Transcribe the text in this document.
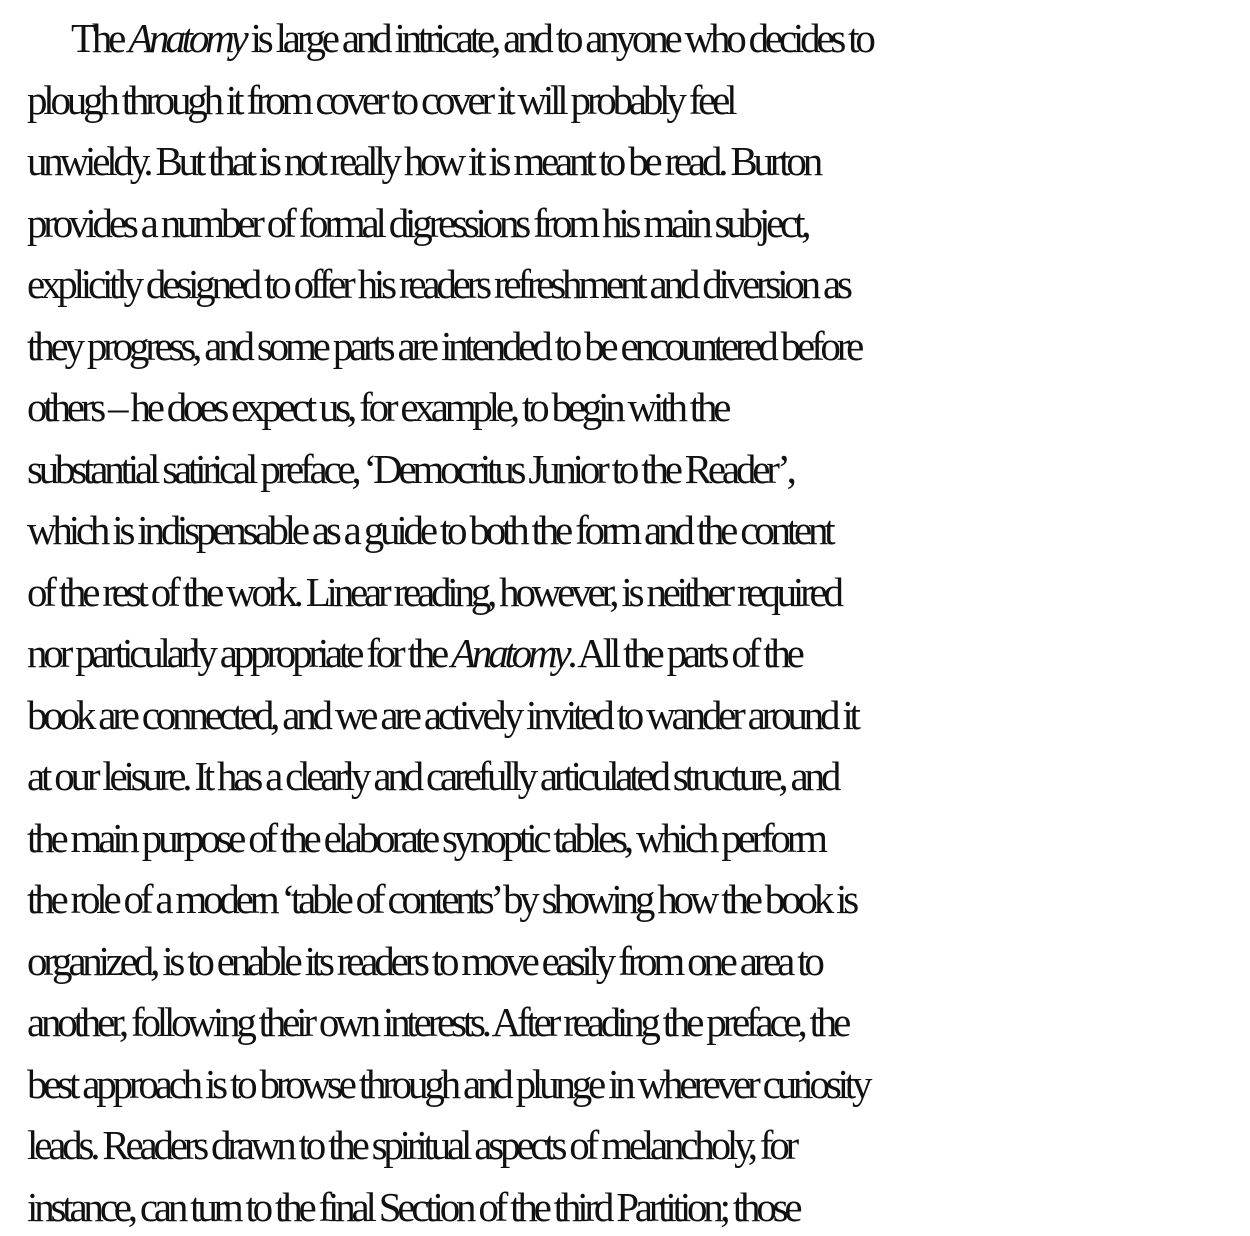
The Anatomy is large and intricate, and to anyone who decides to
plough through it from cover to cover it will probably feel
unwieldy. But that is not really how it is meant to be read. Burton
provides a number of formal digressions from his main subject,
explicitly designed to offer his readers refreshment and diversion as
they progress, and some parts are intended to be encountered before
others – he does expect us, for example, to begin with the
substantial satirical preface, ‘Democritus Junior to the Reader’,
which is indispensable as a guide to both the form and the content
of the rest of the work. Linear reading, however, is neither required
nor particularly appropriate for the Anatomy. All the parts of the
book are connected, and we are actively invited to wander around it
at our leisure. It has a clearly and carefully articulated structure, and
the main purpose of the elaborate synoptic tables, which perform
the role of a modern ‘table of contents’ by showing how the book is
organized, is to enable its readers to move easily from one area to
another, following their own interests. After reading the preface, the
best approach is to browse through and plunge in wherever curiosity
leads. Readers drawn to the spiritual aspects of melancholy, for
instance, can turn to the final Section of the third Partition; those
